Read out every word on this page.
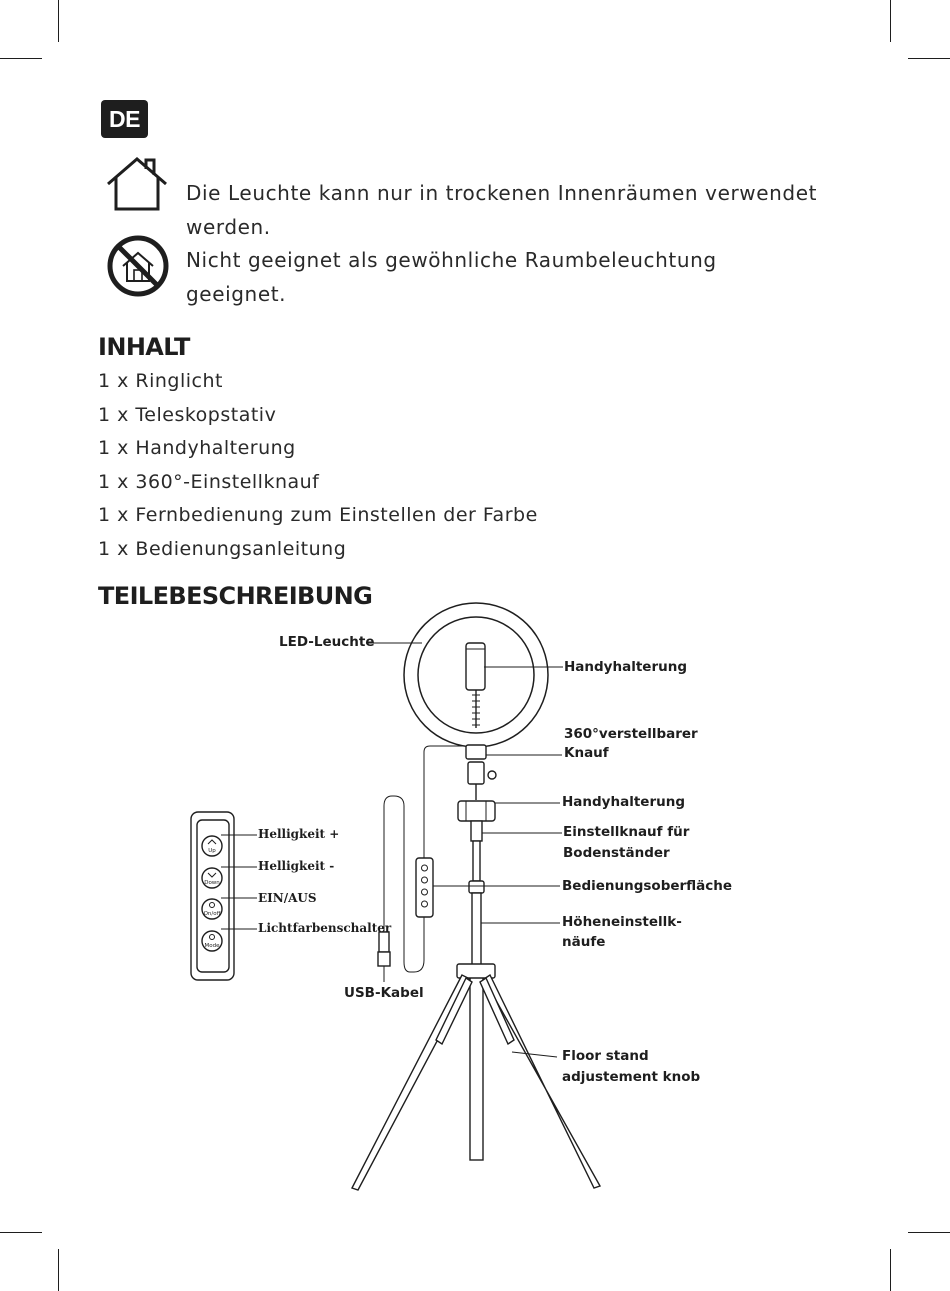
DE

Die Leuchte kann nur in trockenen Innenräumen verwendet

werden.

Nicht geeignet als gewöhnliche Raumbeleuchtung

geeignet.

INHALT
1 x Ringlicht
1 x Teleskopstativ
1 x Handyhalterung
1 x 360°-Einstellknauf
1 x Fernbedienung zum Einstellen der Farbe
1 x Bedienungsanleitung
TEILEBESCHREIBUNG
LED-Leuchte
Handyhalterung
360°verstellbarer
Knauf
Handyhalterung
Einstellknauf für
Bodenständer
Bedienungsoberfläche
Höheneinstellk-
näufe
Floor stand
adjustement knob
USB-Kabel
Helligkeit +
Helligkeit -
EIN/AUS
Lichtfarbenschalter
Up
Down
On/off
Mode
